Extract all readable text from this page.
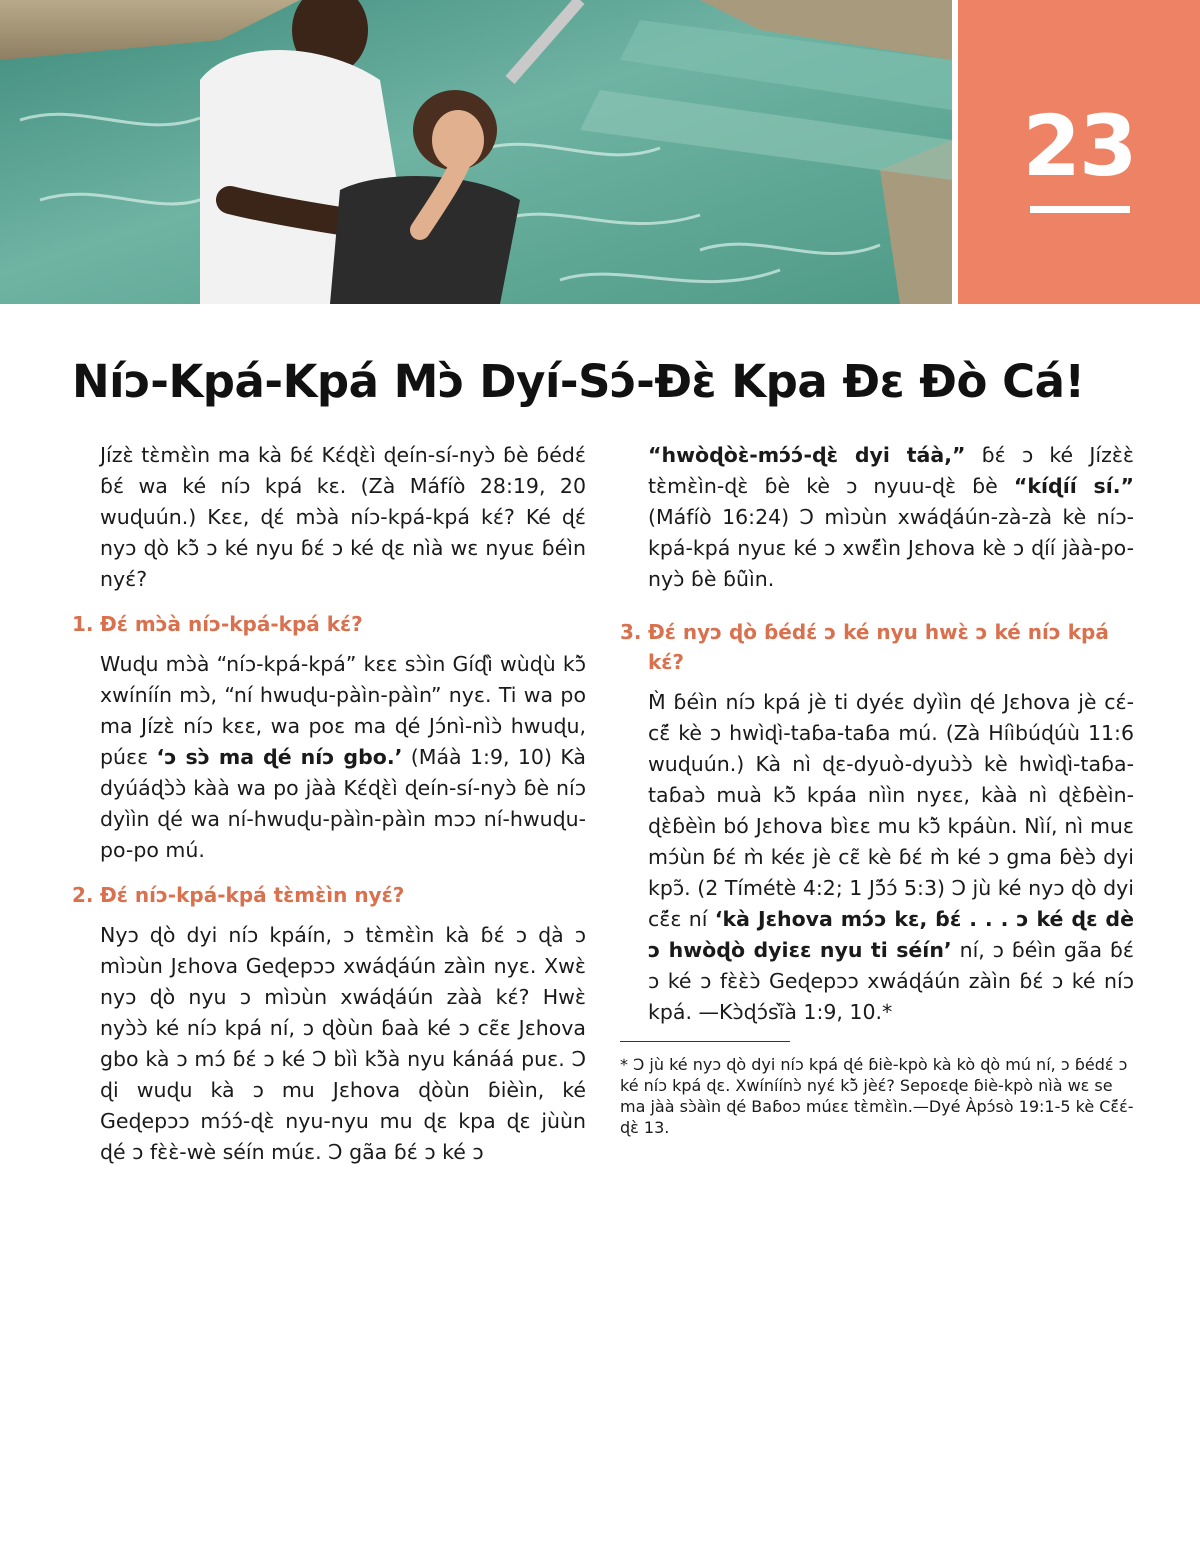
23
Níɔ-Kpá-Kpá Mɔ̀ Dyí-Sɔ́-Ɖɛ̀ Kpa Ɖɛ Ɖò Cá!

Jízɛ̀ tɛ̀mɛ̀ìn ma kà ɓɛ́ Kɛ́ɖɛ̀ì ɖeín-sí-nyɔ̀ ɓè ɓédɛ́ ɓɛ́ wa ké níɔ kpá kɛ. (Zà Máfíò 28:19, 20 wuɖuún.) Kɛɛ, ɖɛ́ mɔ̀à níɔ-kpá-kpá kɛ́? Ké ɖɛ́ nyɔ ɖò kɔ̃̀ ɔ ké nyu ɓɛ́ ɔ ké ɖɛ nìà wɛ nyuɛ ɓéìn nyɛ́?

1. Ɖɛ́ mɔ̀à níɔ-kpá-kpá kɛ́?

Wuɖu mɔ̀à “níɔ-kpá-kpá” kɛɛ sɔ̀ìn Gíɖì̀ wùɖù kɔ̃̀ xwíníín mɔ̀, “ní hwuɖu-pàìn-pàìn” nyɛ. Ti wa po ma Jízɛ̀ níɔ kɛɛ, wa poɛ ma ɖé Jɔ́nì-nìɔ̀ hwuɖu, púɛɛ ‘ɔ sɔ̀ ma ɖé níɔ gbo.’ (Máà 1:9, 10) Kà dyúáɖɔ̀ɔ̀ kàà wa po jàà Kɛ́ɖɛ̀ì ɖeín-sí-nyɔ̀ ɓè níɔ dyììn ɖé wa ní-hwuɖu-pàìn-pàìn mɔɔ ní-hwuɖu-po-po mú.

2. Ɖɛ́ níɔ-kpá-kpá tɛ̀mɛ̀ìn nyɛ́?

Nyɔ ɖò dyi níɔ kpáín, ɔ tɛ̀mɛ̀ìn kà ɓɛ́ ɔ ɖà ɔ mìɔùn Jɛhova Geɖepɔɔ xwáɖáún zàìn nyɛ. Xwɛ̀ nyɔ ɖò nyu ɔ mìɔùn xwáɖáún zàà kɛ́? Hwɛ̀ nyɔ̀ɔ̀ ké níɔ kpá ní, ɔ ɖòùn ɓaà ké ɔ cɛ̃ɛ Jɛhova gbo kà ɔ mɔ́ ɓɛ́ ɔ ké Ɔ bìì kɔ̃̀à nyu kánáá puɛ. Ɔ ɖi wuɖu kà ɔ mu Jɛhova ɖòùn ɓièìn, ké Geɖepɔɔ mɔ́ɔ́-ɖɛ̀ nyu-nyu mu ɖɛ kpa ɖɛ jùùn ɖé ɔ fɛ̀ɛ̀-wè séín múɛ. Ɔ gãa ɓɛ́ ɔ ké ɔ

“hwòɖòɛ̀-mɔ́ɔ́-ɖɛ̀ dyi táà,” ɓɛ́ ɔ ké Jízɛ̀ɛ̀ tɛ̀mɛ̀ìn-ɖɛ̀ ɓè kè ɔ nyuu-ɖɛ̀ ɓè “kíɖíí sí.” (Máfíò 16:24) Ɔ mìɔùn xwáɖáún-zà-zà kè níɔ-kpá-kpá nyuɛ ké ɔ xwɛ̃́ìn Jɛhova kè ɔ ɖíí jàà-po-nyɔ̀ ɓè ɓũ̀ìn.

3. Ɖɛ́ nyɔ ɖò ɓédɛ́ ɔ ké nyu hwɛ̀ ɔ ké níɔ kpá kɛ́?

M̀ ɓéìn níɔ kpá jè ti dyéɛ dyììn ɖé Jɛhova jè cɛ́-cɛ̃́ kè ɔ hwìɖì-taɓa-taɓa mú. (Zà Híìbúɖúù 11:6 wuɖuún.) Kà nì ɖɛ-dyuò-dyuɔ̀ɔ̀ kè hwìɖì-taɓa-taɓaɔ̀ muà kɔ̃̀ kpáa nììn nyɛɛ, kàà nì ɖɛ̀ɓèìn-ɖɛ̀ɓèìn bó Jɛhova bìɛɛ mu kɔ̃̀ kpáùn. Nìí, nì muɛ mɔ́ùn ɓɛ́ m̀ kéɛ jè cɛ̃ kè ɓɛ́ m̀ ké ɔ gma ɓèɔ̀ dyi kpɔ̃. (2 Tímétè 4:2; 1 Jɔ̃́ɔ́ 5:3) Ɔ jù ké nyɔ ɖò dyi cɛ̃́ɛ ní ‘kà Jɛhova mɔ́ɔ kɛ, ɓɛ́ . . . ɔ ké ɖɛ dè ɔ hwòɖò dyiɛɛ nyu ti séín’ ní, ɔ ɓéìn gãa ɓɛ́ ɔ ké ɔ fɛ̀ɛ̀ɔ̀ Geɖepɔɔ xwáɖáún zàìn ɓɛ́ ɔ ké níɔ kpá. —Kɔ̀ɖɔ́sĩ̀à 1:9, 10.*

* Ɔ jù ké nyɔ ɖò dyi níɔ kpá ɖé ɓiè-kpò kà kò ɖò mú ní, ɔ ɓédɛ́ ɔ ké níɔ kpá ɖɛ. Xwíníínɔ̀ nyɛ́ kɔ̃̀ jèɛ́? Sepoɛɖe ɓiè-kpò nìà wɛ se ma jàà sɔ̀àìn ɖé Baɓoɔ múɛɛ tɛ̀mɛ̀ìn.—Dyé Àpɔ́sò 19:1-5 kè Cɛ̃́ɛ́-ɖɛ̀ 13.
